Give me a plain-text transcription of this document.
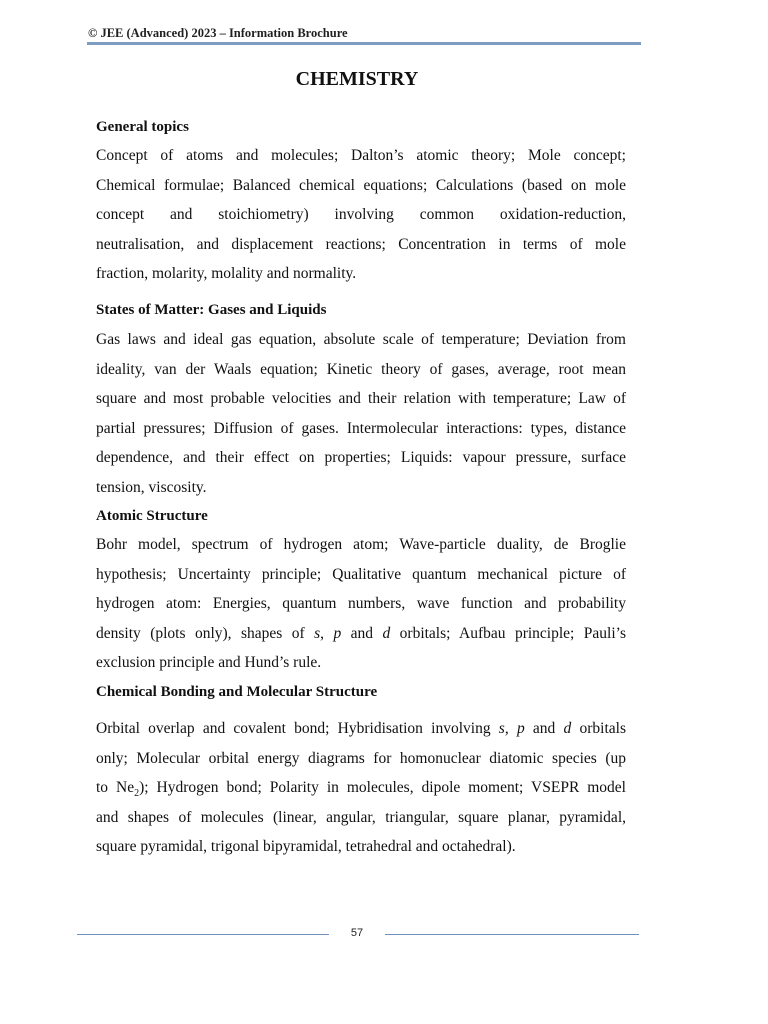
© JEE (Advanced) 2023 – Information Brochure
CHEMISTRY
General topics

Concept of atoms and molecules; Dalton’s atomic theory; Mole concept;
Chemical formulae; Balanced chemical equations; Calculations (based on mole
concept and stoichiometry) involving common oxidation-reduction,
neutralisation, and displacement reactions; Concentration in terms of mole
fraction, molarity, molality and normality.

States of Matter: Gases and Liquids

Gas laws and ideal gas equation, absolute scale of temperature; Deviation from
ideality, van der Waals equation; Kinetic theory of gases, average, root mean
square and most probable velocities and their relation with temperature; Law of
partial pressures; Diffusion of gases. Intermolecular interactions: types, distance
dependence, and their effect on properties; Liquids: vapour pressure, surface
tension, viscosity.

Atomic Structure

Bohr model, spectrum of hydrogen atom; Wave-particle duality, de Broglie
hypothesis; Uncertainty principle; Qualitative quantum mechanical picture of
hydrogen atom: Energies, quantum numbers, wave function and probability
density (plots only), shapes of s, p and d orbitals; Aufbau principle; Pauli’s
exclusion principle and Hund’s rule.

Chemical Bonding and Molecular Structure

Orbital overlap and covalent bond; Hybridisation involving s, p and d orbitals
only; Molecular orbital energy diagrams for homonuclear diatomic species (up
to $Ne_2$); Hydrogen bond; Polarity in molecules, dipole moment; VSEPR model
and shapes of molecules (linear, angular, triangular, square planar, pyramidal,
square pyramidal, trigonal bipyramidal, tetrahedral and octahedral).

57
